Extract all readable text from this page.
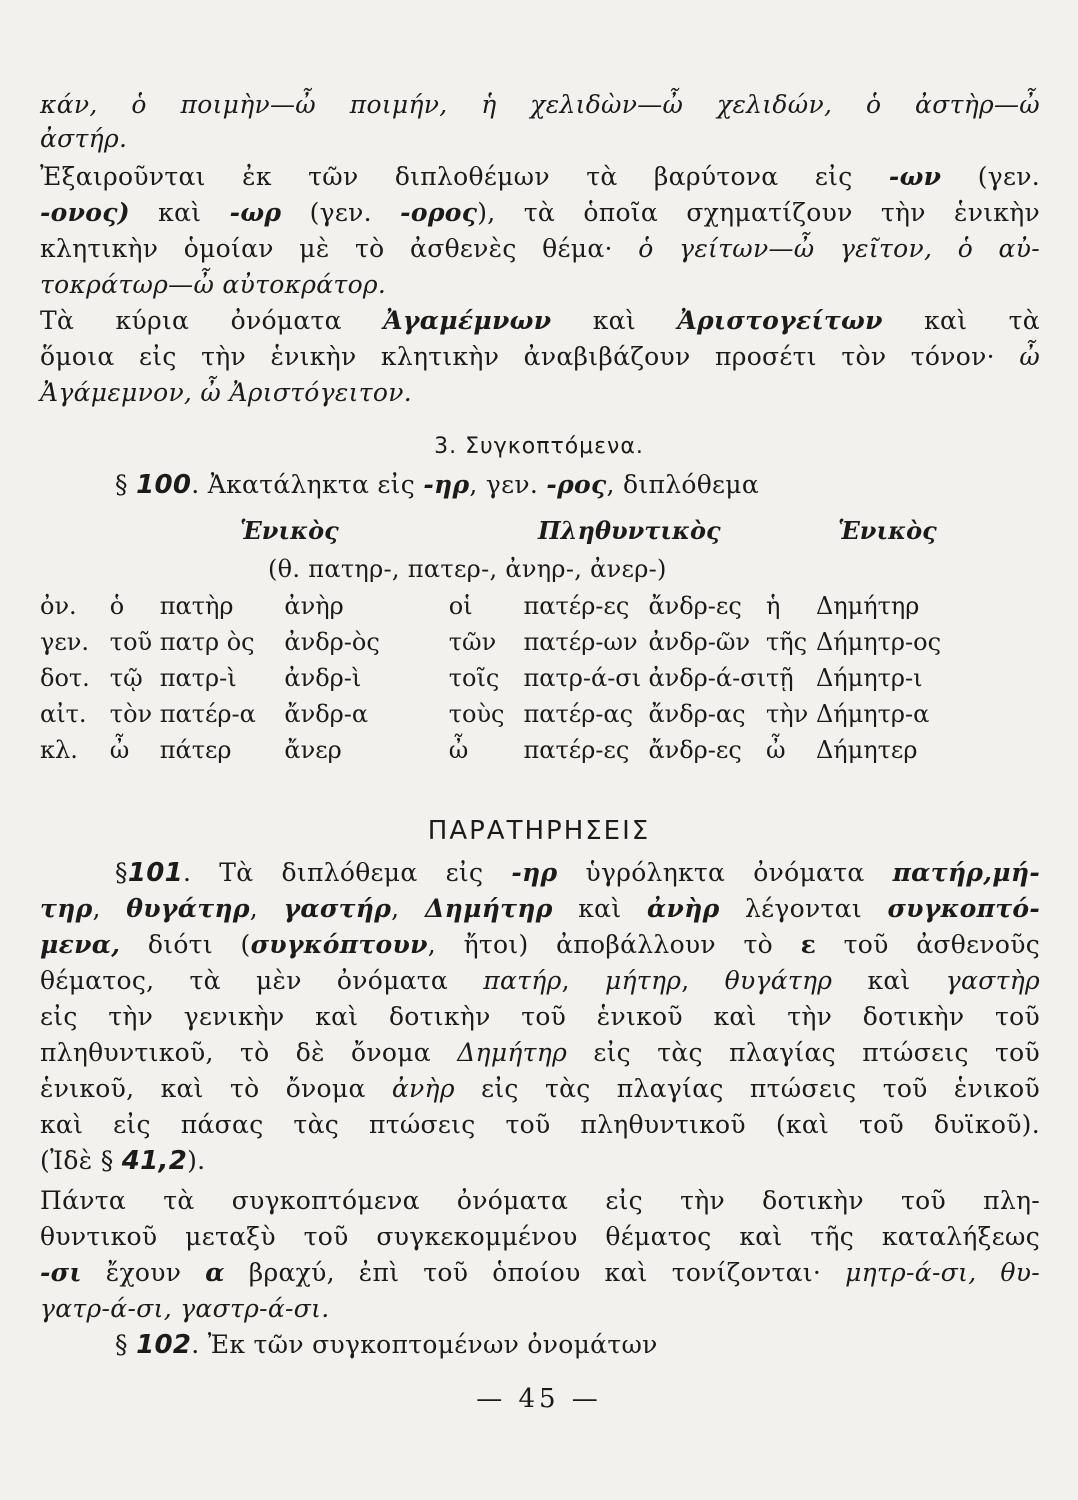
κάν, ὁ ποιμὴν—ὦ ποιμήν, ἡ χελιδὼν—ὦ χελιδών, ὁ ἀστὴρ—ὦ
ἀστήρ.
Ἐξαιροῦνται ἐκ τῶν διπλοθέμων τὰ βαρύτονα εἰς -ων (γεν.
-ονος) καὶ -ωρ (γεν. -ορος), τὰ ὁποῖα σχηματίζουν τὴν ἑνικὴν
κλητικὴν ὁμοίαν μὲ τὸ ἀσθενὲς θέμα· ὁ γείτων—ὦ γεῖτον, ὁ αὐ-
τοκράτωρ—ὦ αὐτοκράτορ.
Τὰ κύρια ὀνόματα Ἀγαμέμνων καὶ Ἀριστογείτων καὶ τὰ
ὅμοια εἰς τὴν ἑνικὴν κλητικὴν ἀναβιβάζουν προσέτι τὸν τόνον· ὦ
Ἀγάμεμνον, ὦ Ἀριστόγειτον.
3. Συγκοπτόμενα.
§ 100. Ἀκατάληκτα εἰς -ηρ, γεν. -ρος, διπλόθεμα
Ἑνικὸς	Πληθυντικὸς	Ἑνικὸς
(θ. πατηρ-, πατερ-, ἀνηρ-, ἀνερ-)
ὀν.	ὁ	πατὴρ	ἀνὴρ	οἱ	πατέρ-ες	ἄνδρ-ες	ἡ	Δημήτηρ
γεν.	τοῦ	πατρ ὸς	ἀνδρ-ὸς	τῶν	πατέρ-ων	ἀνδρ-ῶν	τῆς	Δήμητρ-ος
δοτ.	τῷ	πατρ-ὶ	ἀνδρ-ὶ	τοῖς	πατρ-ά-σι	ἀνδρ-ά-σι	τῇ	Δήμητρ-ι
αἰτ.	τὸν	πατέρ-α	ἄνδρ-α	τοὺς	πατέρ-ας	ἄνδρ-ας	τὴν	Δήμητρ-α
κλ.	ὦ	πάτερ	ἄνερ	ὦ	πατέρ-ες	ἄνδρ-ες	ὦ	Δήμητερ
ΠΑΡΑΤΗΡΗΣΕΙΣ
§101. Τὰ διπλόθεμα εἰς -ηρ ὑγρόληκτα ὀνόματα πατήρ,μή-
τηρ, θυγάτηρ, γαστήρ, Δημήτηρ καὶ ἀνὴρ λέγονται συγκοπτό-
μενα, διότι (συγκόπτουν, ἤτοι) ἀποβάλλουν τὸ ε τοῦ ἀσθενοῦς
θέματος, τὰ μὲν ὀνόματα πατήρ, μήτηρ, θυγάτηρ καὶ γαστὴρ
εἰς τὴν γενικὴν καὶ δοτικὴν τοῦ ἑνικοῦ καὶ τὴν δοτικὴν τοῦ
πληθυντικοῦ, τὸ δὲ ὄνομα Δημήτηρ εἰς τὰς πλαγίας πτώσεις τοῦ
ἑνικοῦ, καὶ τὸ ὄνομα ἀνὴρ εἰς τὰς πλαγίας πτώσεις τοῦ ἑνικοῦ
καὶ εἰς πάσας τὰς πτώσεις τοῦ πληθυντικοῦ (καὶ τοῦ δυϊκοῦ).
(Ἰδὲ § 41,2).
Πάντα τὰ συγκοπτόμενα ὀνόματα εἰς τὴν δοτικὴν τοῦ πλη-
θυντικοῦ μεταξὺ τοῦ συγκεκομμένου θέματος καὶ τῆς καταλήξεως
-σι ἔχουν α βραχύ, ἐπὶ τοῦ ὁποίου καὶ τονίζονται· μητρ-ά-σι, θυ-
γατρ-ά-σι, γαστρ-ά-σι.
§ 102. Ἐκ τῶν συγκοπτομένων ὀνομάτων
— 45 —
